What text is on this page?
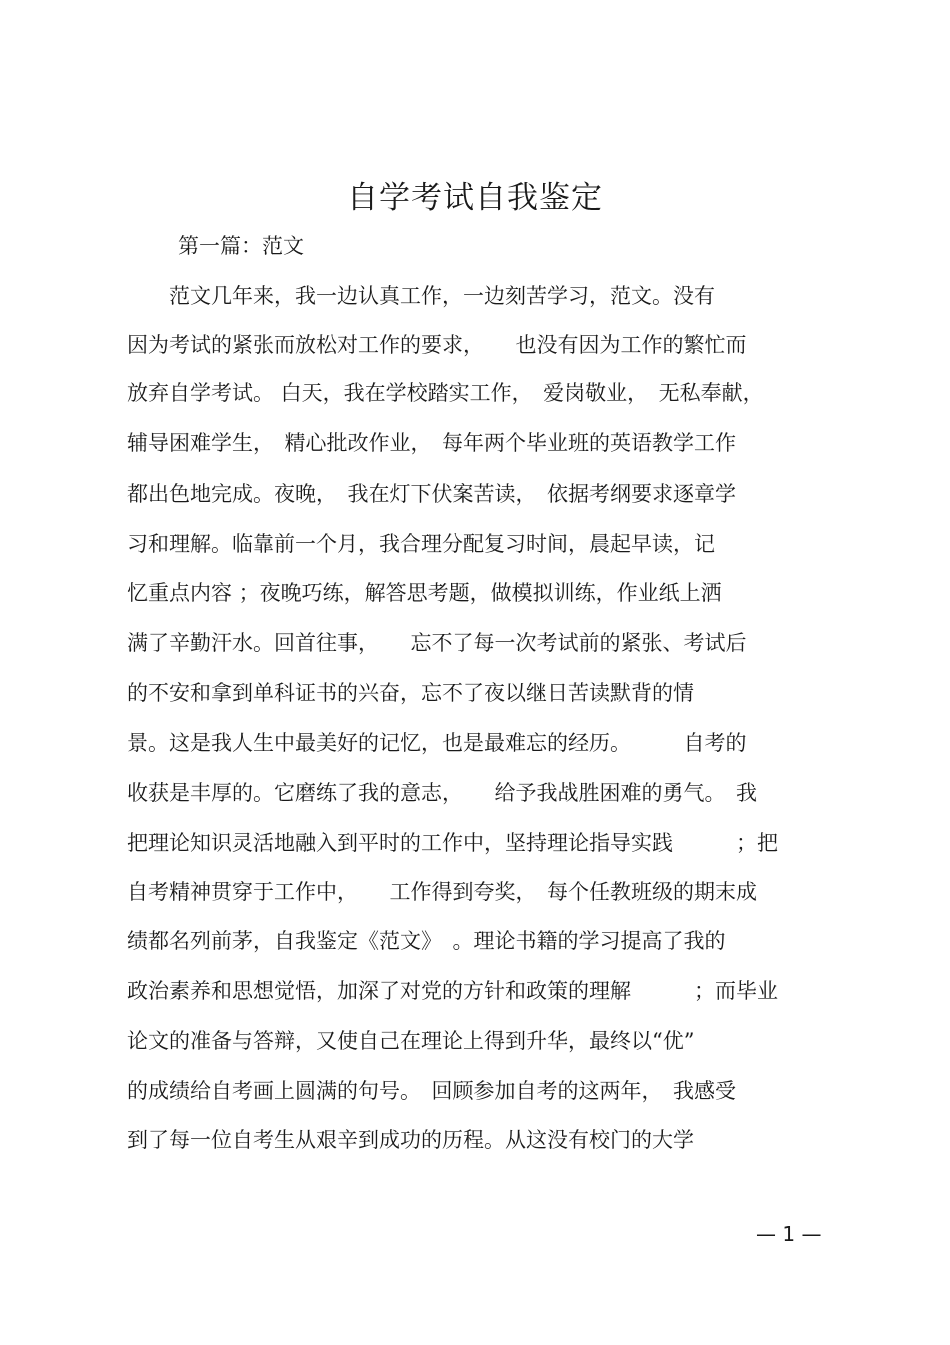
自学考试自我鉴定
第一篇：范文
　　范文几年来，我一边认真工作，一边刻苦学习，范文。没有
因为考试的紧张而放松对工作的要求，　　也没有因为工作的繁忙而
放弃自学考试。 白天，我在学校踏实工作，　爱岗敬业，　无私奉献，
辅导困难学生，　精心批改作业，　每年两个毕业班的英语教学工作
都出色地完成。夜晚，　我在灯下伏案苦读，　依据考纲要求逐章学
习和理解。临靠前一个月，我合理分配复习时间，晨起早读，记
忆重点内容 ；夜晚巧练，解答思考题，做模拟训练，作业纸上洒
满了辛勤汗水。回首往事，　　忘不了每一次考试前的紧张、考试后
的不安和拿到单科证书的兴奋，忘不了夜以继日苦读默背的情
景。这是我人生中最美好的记忆，也是最难忘的经历。　　　自考的
收获是丰厚的。它磨练了我的意志，　　给予我战胜困难的勇气。　我
把理论知识灵活地融入到平时的工作中，坚持理论指导实践　　　；把
自考精神贯穿于工作中，　　工作得到夸奖，　每个任教班级的期末成
绩都名列前茅，自我鉴定《范文》　。理论书籍的学习提高了我的
政治素养和思想觉悟，加深了对党的方针和政策的理解　　　；而毕业
论文的准备与答辩，又使自己在理论上得到升华，最终以“优”
的成绩给自考画上圆满的句号。　回顾参加自考的这两年，　我感受
到了每一位自考生从艰辛到成功的历程。从这没有校门的大学
— 1 —
